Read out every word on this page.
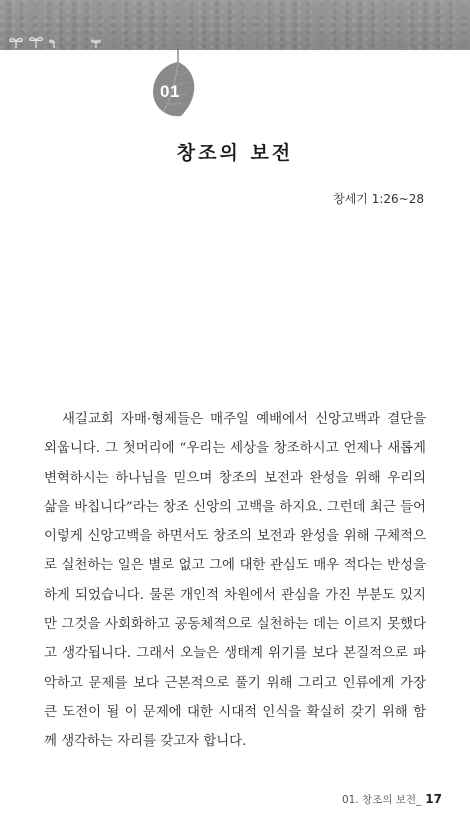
01
창조의 보전
창세기 1:26~28

새길교회 자매·형제들은 매주일 예배에서 신앙고백과 결단을 외웁니다. 그 첫머리에 “우리는 세상을 창조하시고 언제나 새롭게 변혁하시는 하나님을 믿으며 창조의 보전과 완성을 위해 우리의 삶을 바칩니다”라는 창조 신앙의 고백을 하지요. 그런데 최근 들어 이렇게 신앙고백을 하면서도 창조의 보전과 완성을 위해 구체적으로 실천하는 일은 별로 없고 그에 대한 관심도 매우 적다는 반성을 하게 되었습니다. 물론 개인적 차원에서 관심을 가진 부분도 있지만 그것을 사회화하고 공동체적으로 실천하는 데는 이르지 못했다고 생각됩니다. 그래서 오늘은 생태계 위기를 보다 본질적으로 파악하고 문제를 보다 근본적으로 풀기 위해 그리고 인류에게 가장 큰 도전이 될 이 문제에 대한 시대적 인식을 확실히 갖기 위해 함께 생각하는 자리를 갖고자 합니다.

01. 창조의 보전_ 17
